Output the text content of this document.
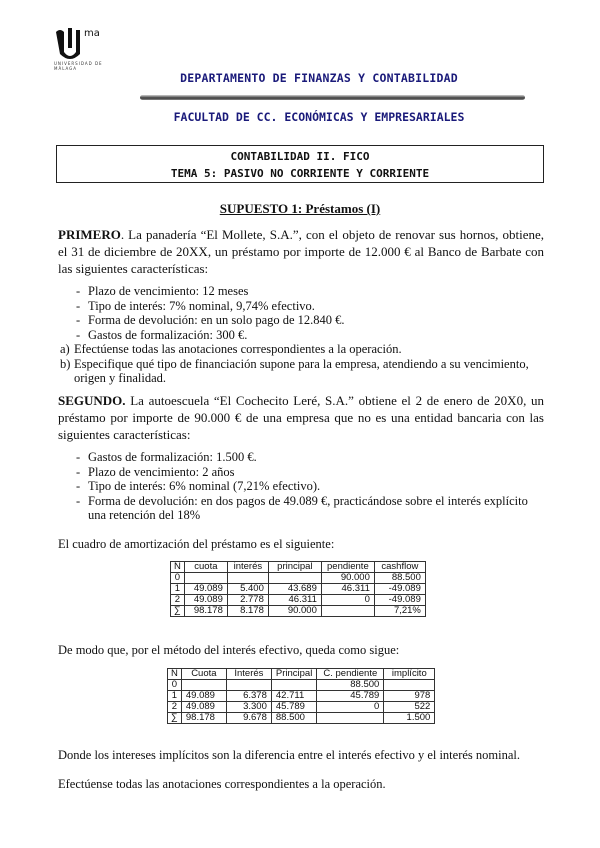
ma
UNIVERSIDAD DE MÁLAGA
DEPARTAMENTO DE FINANZAS Y CONTABILIDAD
FACULTAD DE CC. ECONÓMICAS Y EMPRESARIALES
CONTABILIDAD II. FICO
TEMA 5: PASIVO NO CORRIENTE Y CORRIENTE
SUPUESTO 1: Préstamos (I)
PRIMERO. La panadería “El Mollete, S.A.”, con el objeto de renovar sus hornos, obtiene, el 31 de diciembre de 20XX, un préstamo por importe de 12.000 € al Banco de Barbate con las siguientes características:
- Plazo de vencimiento: 12 meses
- Tipo de interés: 7% nominal, 9,74% efectivo.
- Forma de devolución: en un solo pago de 12.840 €.
- Gastos de formalización: 300 €.
a) Efectúense todas las anotaciones correspondientes a la operación.
b) Especifique qué tipo de financiación supone para la empresa, atendiendo a su vencimiento, origen y finalidad.
SEGUNDO. La autoescuela “El Cochecito Leré, S.A.” obtiene el 2 de enero de 20X0, un préstamo por importe de 90.000 € de una empresa que no es una entidad bancaria con las siguientes características:
- Gastos de formalización: 1.500 €.
- Plazo de vencimiento: 2 años
- Tipo de interés: 6% nominal (7,21% efectivo).
- Forma de devolución: en dos pagos de 49.089 €, practicándose sobre el interés explícito una retención del 18%
El cuadro de amortización del préstamo es el siguiente:
N	cuota	interés	principal	pendiente	cashflow
0				90.000	88.500
1	49.089	5.400	43.689	46.311	-49.089
2	49.089	2.778	46.311	0	-49.089
∑	98.178	8.178	90.000		7,21%
De modo que, por el método del interés efectivo, queda como sigue:
N	Cuota	Interés	Principal	C. pendiente	implícito
0				88.500	
1	49.089	6.378	42.711	45.789	978
2	49.089	3.300	45.789	0	522
∑	98.178	9.678	88.500		1.500
Donde los intereses implícitos son la diferencia entre el interés efectivo y el interés nominal.
Efectúense todas las anotaciones correspondientes a la operación.
